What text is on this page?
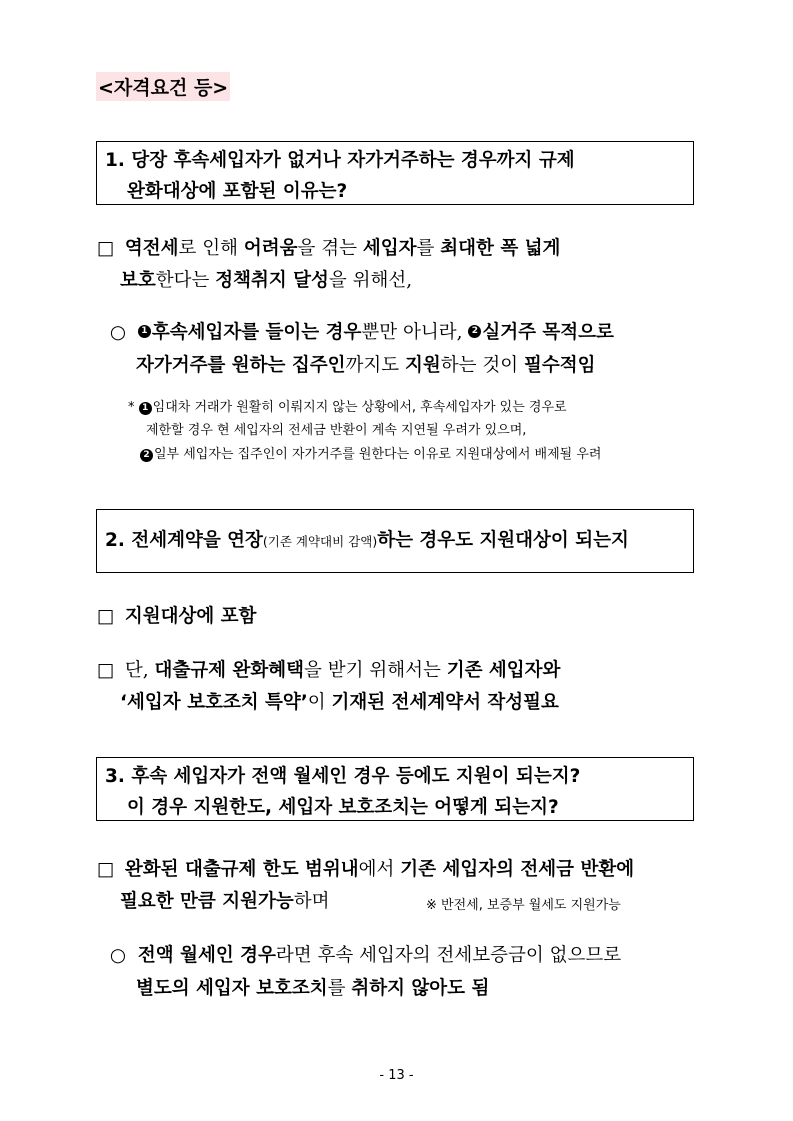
<자격요건 등>
1. 당장 후속세입자가 없거나 자가거주하는 경우까지 규제
완화대상에 포함된 이유는?
□ 역전세로 인해 어려움을 겪는 세입자를 최대한 폭 넓게
보호한다는 정책취지 달성을 위해선,
○ 1 후속세입자를 들이는 경우뿐만 아니라, 2 실거주 목적으로
자가거주를 원하는 집주인까지도 지원하는 것이 필수적임
* 1 임대차 거래가 원활히 이뤄지지 않는 상황에서, 후속세입자가 있는 경우로
제한할 경우 현 세입자의 전세금 반환이 계속 지연될 우려가 있으며,
2 일부 세입자는 집주인이 자가거주를 원한다는 이유로 지원대상에서 배제될 우려
2. 전세계약을 연장(기존 계약대비 감액)하는 경우도 지원대상이 되는지
□ 지원대상에 포함
□ 단, 대출규제 완화혜택을 받기 위해서는 기존 세입자와
‘세입자 보호조치 특약’이 기재된 전세계약서 작성필요
3. 후속 세입자가 전액 월세인 경우 등에도 지원이 되는지?
이 경우 지원한도, 세입자 보호조치는 어떻게 되는지?
□ 완화된 대출규제 한도 범위내에서 기존 세입자의 전세금 반환에
필요한 만큼 지원가능하며	※ 반전세, 보증부 월세도 지원가능
○ 전액 월세인 경우라면 후속 세입자의 전세보증금이 없으므로
별도의 세입자 보호조치를 취하지 않아도 됨
- 13 -
